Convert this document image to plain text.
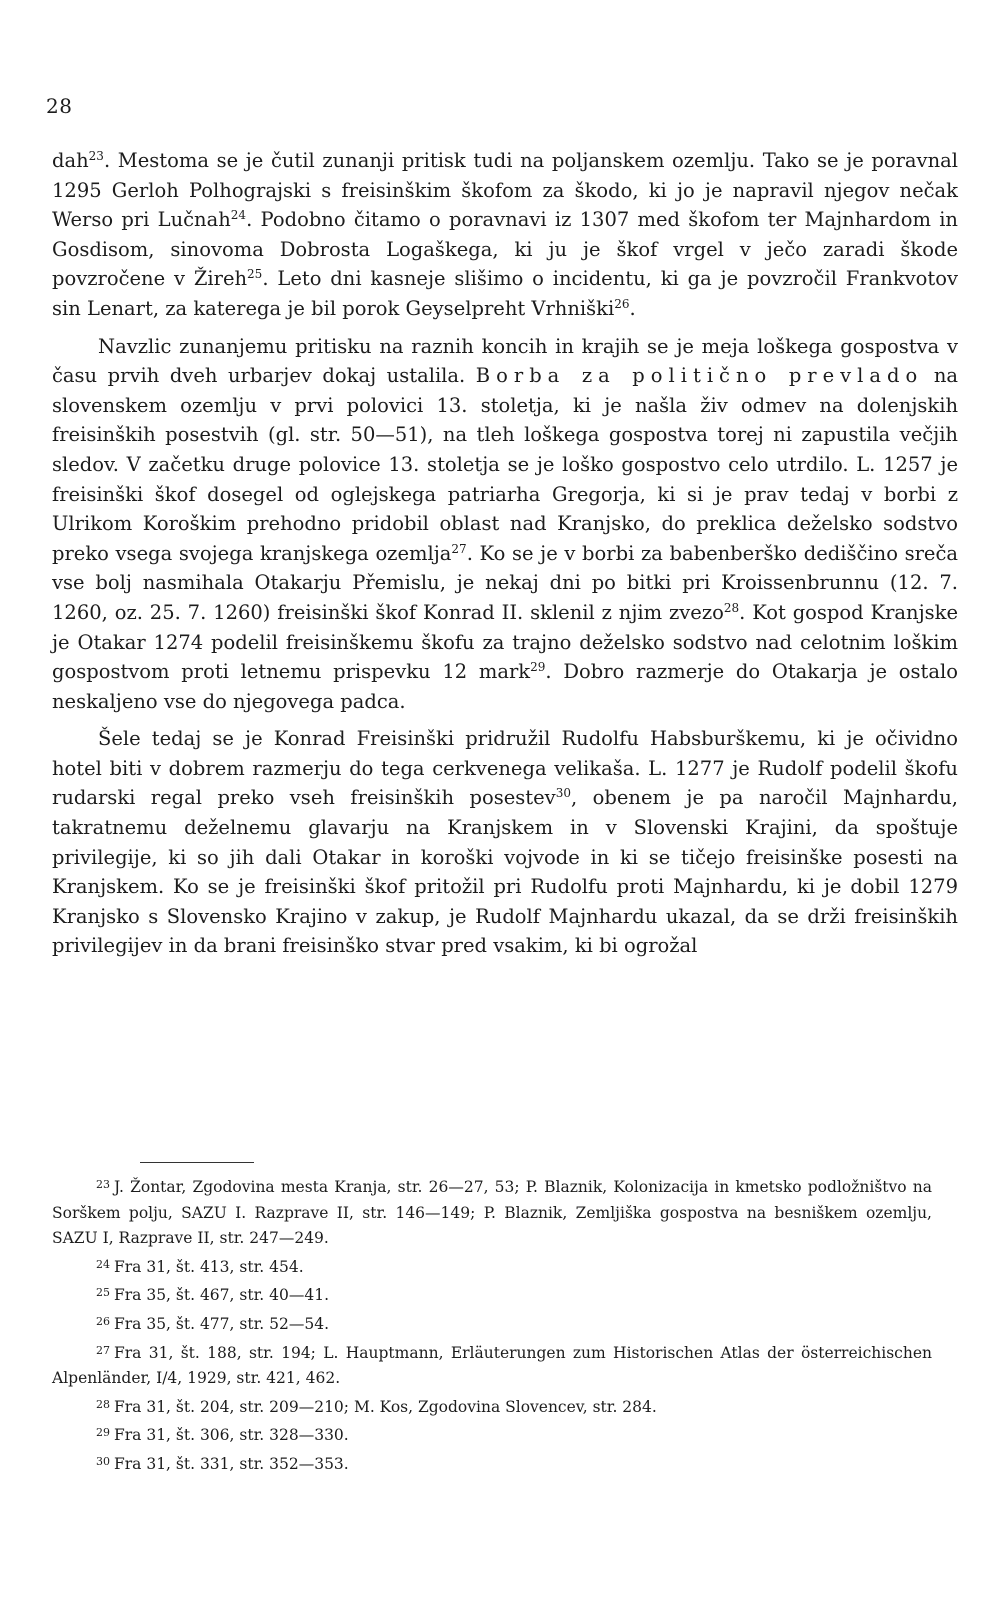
28

dah$^{23}$. Mestoma se je čutil zunanji pritisk tudi na poljanskem ozemlju. Tako se je poravnal 1295 Gerloh Polhograjski s freisinškim škofom za škodo, ki jo je napravil njegov nečak Werso pri Lučnah$^{24}$. Podobno čitamo o poravnavi iz 1307 med škofom ter Majnhardom in Gosdisom, sinovoma Dobrosta Logaškega, ki ju je škof vrgel v ječo zaradi škode povzročene v Žireh$^{25}$. Leto dni kasneje slišimo o incidentu, ki ga je povzročil Frankvotov sin Lenart, za katerega je bil porok Geyselpreht Vrhniški$^{26}$.

Navzlic zunanjemu pritisku na raznih koncih in krajih se je meja loškega gospostva v času prvih dveh urbarjev dokaj ustalila. Borba za politično prevlado na slovenskem ozemlju v prvi polovici 13. stoletja, ki je našla živ odmev na dolenjskih freisinških posestvih (gl. str. 50—51), na tleh loškega gospostva torej ni zapustila večjih sledov. V začetku druge polovice 13. stoletja se je loško gospostvo celo utrdilo. L. 1257 je freisinški škof dosegel od oglejskega patriarha Gregorja, ki si je prav tedaj v borbi z Ulrikom Koroškim prehodno pridobil oblast nad Kranjsko, do preklica deželsko sodstvo preko vsega svojega kranjskega ozemlja$^{27}$. Ko se je v borbi za babenberško dediščino sreča vse bolj nasmihala Otakarju Přemislu, je nekaj dni po bitki pri Kroissenbrunnu (12. 7. 1260, oz. 25. 7. 1260) freisinški škof Konrad II. sklenil z njim zvezo$^{28}$. Kot gospod Kranjske je Otakar 1274 podelil freisinškemu škofu za trajno deželsko sodstvo nad celotnim loškim gospostvom proti letnemu prispevku 12 mark$^{29}$. Dobro razmerje do Otakarja je ostalo neskaljeno vse do njegovega padca.

Šele tedaj se je Konrad Freisinški pridružil Rudolfu Habsburškemu, ki je očividno hotel biti v dobrem razmerju do tega cerkvenega velikaša. L. 1277 je Rudolf podelil škofu rudarski regal preko vseh freisinških posestev$^{30}$, obenem je pa naročil Majnhardu, takratnemu deželnemu glavarju na Kranjskem in v Slovenski Krajini, da spoštuje privilegije, ki so jih dali Otakar in koroški vojvode in ki se tičejo freisinške posesti na Kranjskem. Ko se je freisinški škof pritožil pri Rudolfu proti Majnhardu, ki je dobil 1279 Kranjsko s Slovensko Krajino v zakup, je Rudolf Majnhardu ukazal, da se drži freisinških privilegijev in da brani freisinško stvar pred vsakim, ki bi ogrožal

$^{23}$ J. Žontar, Zgodovina mesta Kranja, str. 26—27, 53; P. Blaznik, Kolonizacija in kmetsko podložništvo na Sorškem polju, SAZU I. Razprave II, str. 146—149; P. Blaznik, Zemljiška gospostva na besniškem ozemlju, SAZU I, Razprave II, str. 247—249.

$^{24}$ Fra 31, št. 413, str. 454.

$^{25}$ Fra 35, št. 467, str. 40—41.

$^{26}$ Fra 35, št. 477, str. 52—54.

$^{27}$ Fra 31, št. 188, str. 194; L. Hauptmann, Erläuterungen zum Historischen Atlas der österreichischen Alpenländer, I/4, 1929, str. 421, 462.

$^{28}$ Fra 31, št. 204, str. 209—210; M. Kos, Zgodovina Slovencev, str. 284.

$^{29}$ Fra 31, št. 306, str. 328—330.

$^{30}$ Fra 31, št. 331, str. 352—353.
